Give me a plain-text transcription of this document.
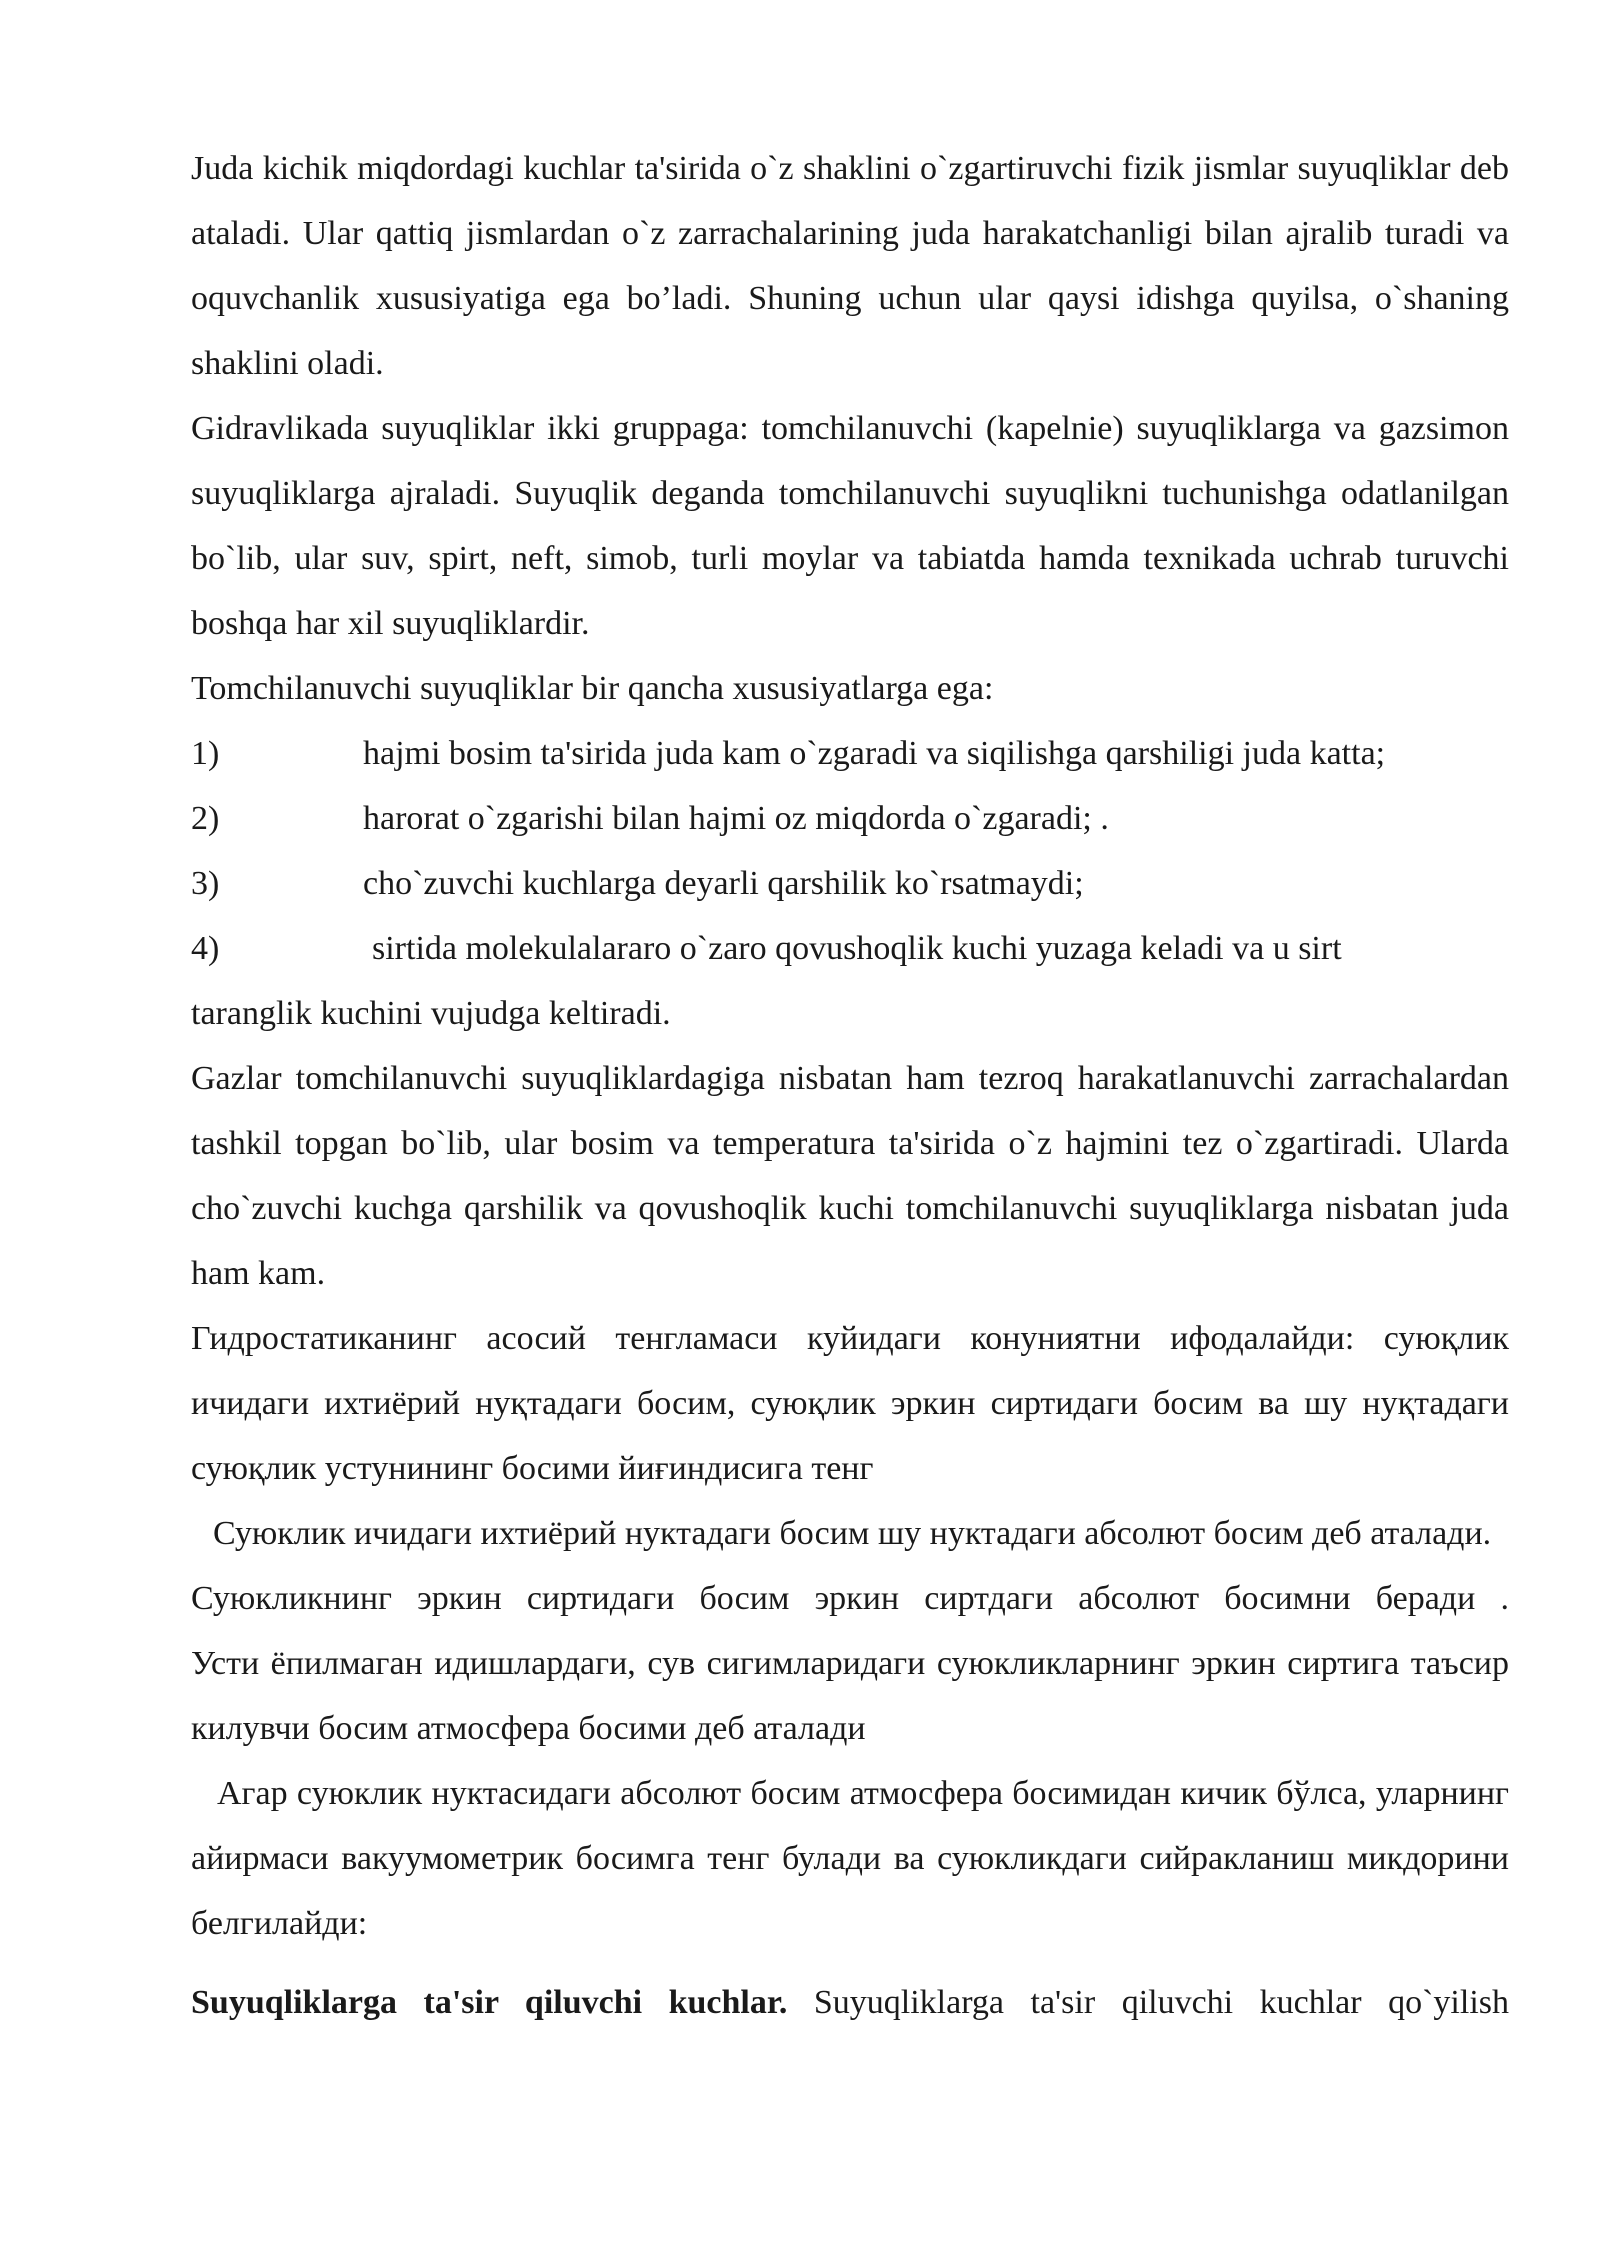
Juda kichik miqdordagi kuchlar ta'sirida o`z shaklini o`zgartiruvchi fizik jismlar suyuqliklar deb ataladi. Ular qattiq jismlardan o`z zarrachalarining juda harakatchanligi bilan ajralib turadi va oquvchanlik xususiyatiga ega bo’ladi. Shuning uchun ular qaysi idishga quyilsa, o`shaning shaklini oladi.

Gidravlikada suyuqliklar ikki gruppaga: tomchilanuvchi (kapelnie) suyuqliklarga va gazsimon suyuqliklarga ajraladi. Suyuqlik deganda tomchilanuvchi suyuqlikni tuchunishga odatlanilgan bo`lib, ular suv, spirt, neft, simob, turli moylar va tabiatda hamda texnikada uchrab turuvchi boshqa har xil suyuqliklardir.

Tomchilanuvchi suyuqliklar bir qancha xususiyatlarga ega:

1)	hajmi bosim ta'sirida juda kam o`zgaradi va siqilishga qarshiligi juda katta;

2)	harorat o`zgarishi bilan hajmi oz miqdorda o`zgaradi; .

3)	cho`zuvchi kuchlarga deyarli qarshilik ko`rsatmaydi;

4)	sirtida molekulalararo o`zaro qovushoqlik kuchi yuzaga keladi va u sirt

taranglik kuchini vujudga keltiradi.

Gazlar tomchilanuvchi suyuqliklardagiga nisbatan ham tezroq harakatlanuvchi zarrachalardan tashkil topgan bo`lib, ular bosim va temperatura ta'sirida o`z hajmini tez o`zgartiradi. Ularda cho`zuvchi kuchga qarshilik va qovushoqlik kuchi tomchilanuvchi suyuqliklarga nisbatan juda ham kam.

Гидростатиканинг асосий тенгламаси куйидаги конуниятни ифодалайди: суюқлик ичидаги ихтиёрий нуқтадаги босим, суюқлик эркин сиртидаги босим ва шу нуқтадаги суюқлик устунининг босими йиғиндисига тенг

Суюклик ичидаги ихтиёрий нуктадаги босим шу нуктадаги абсолют босим деб аталади.

Суюкликнинг эркин сиртидаги босим эркин сиртдаги абсолют босимни беради .

Усти ёпилмаган идишлардаги, сув сигимларидаги суюкликларнинг эркин сиртига таъсир килувчи босим атмосфера босими деб аталади

Агар суюклик нуктасидаги абсолют босим атмосфера босимидан кичик бўлса, уларнинг айирмаси вакуумометрик босимга тенг булади ва суюкликдаги сийракланиш микдорини белгилайди:

Suyuqliklarga ta'sir qiluvchi kuchlar. Suyuqliklarga ta'sir qiluvchi kuchlar qo`yilish
